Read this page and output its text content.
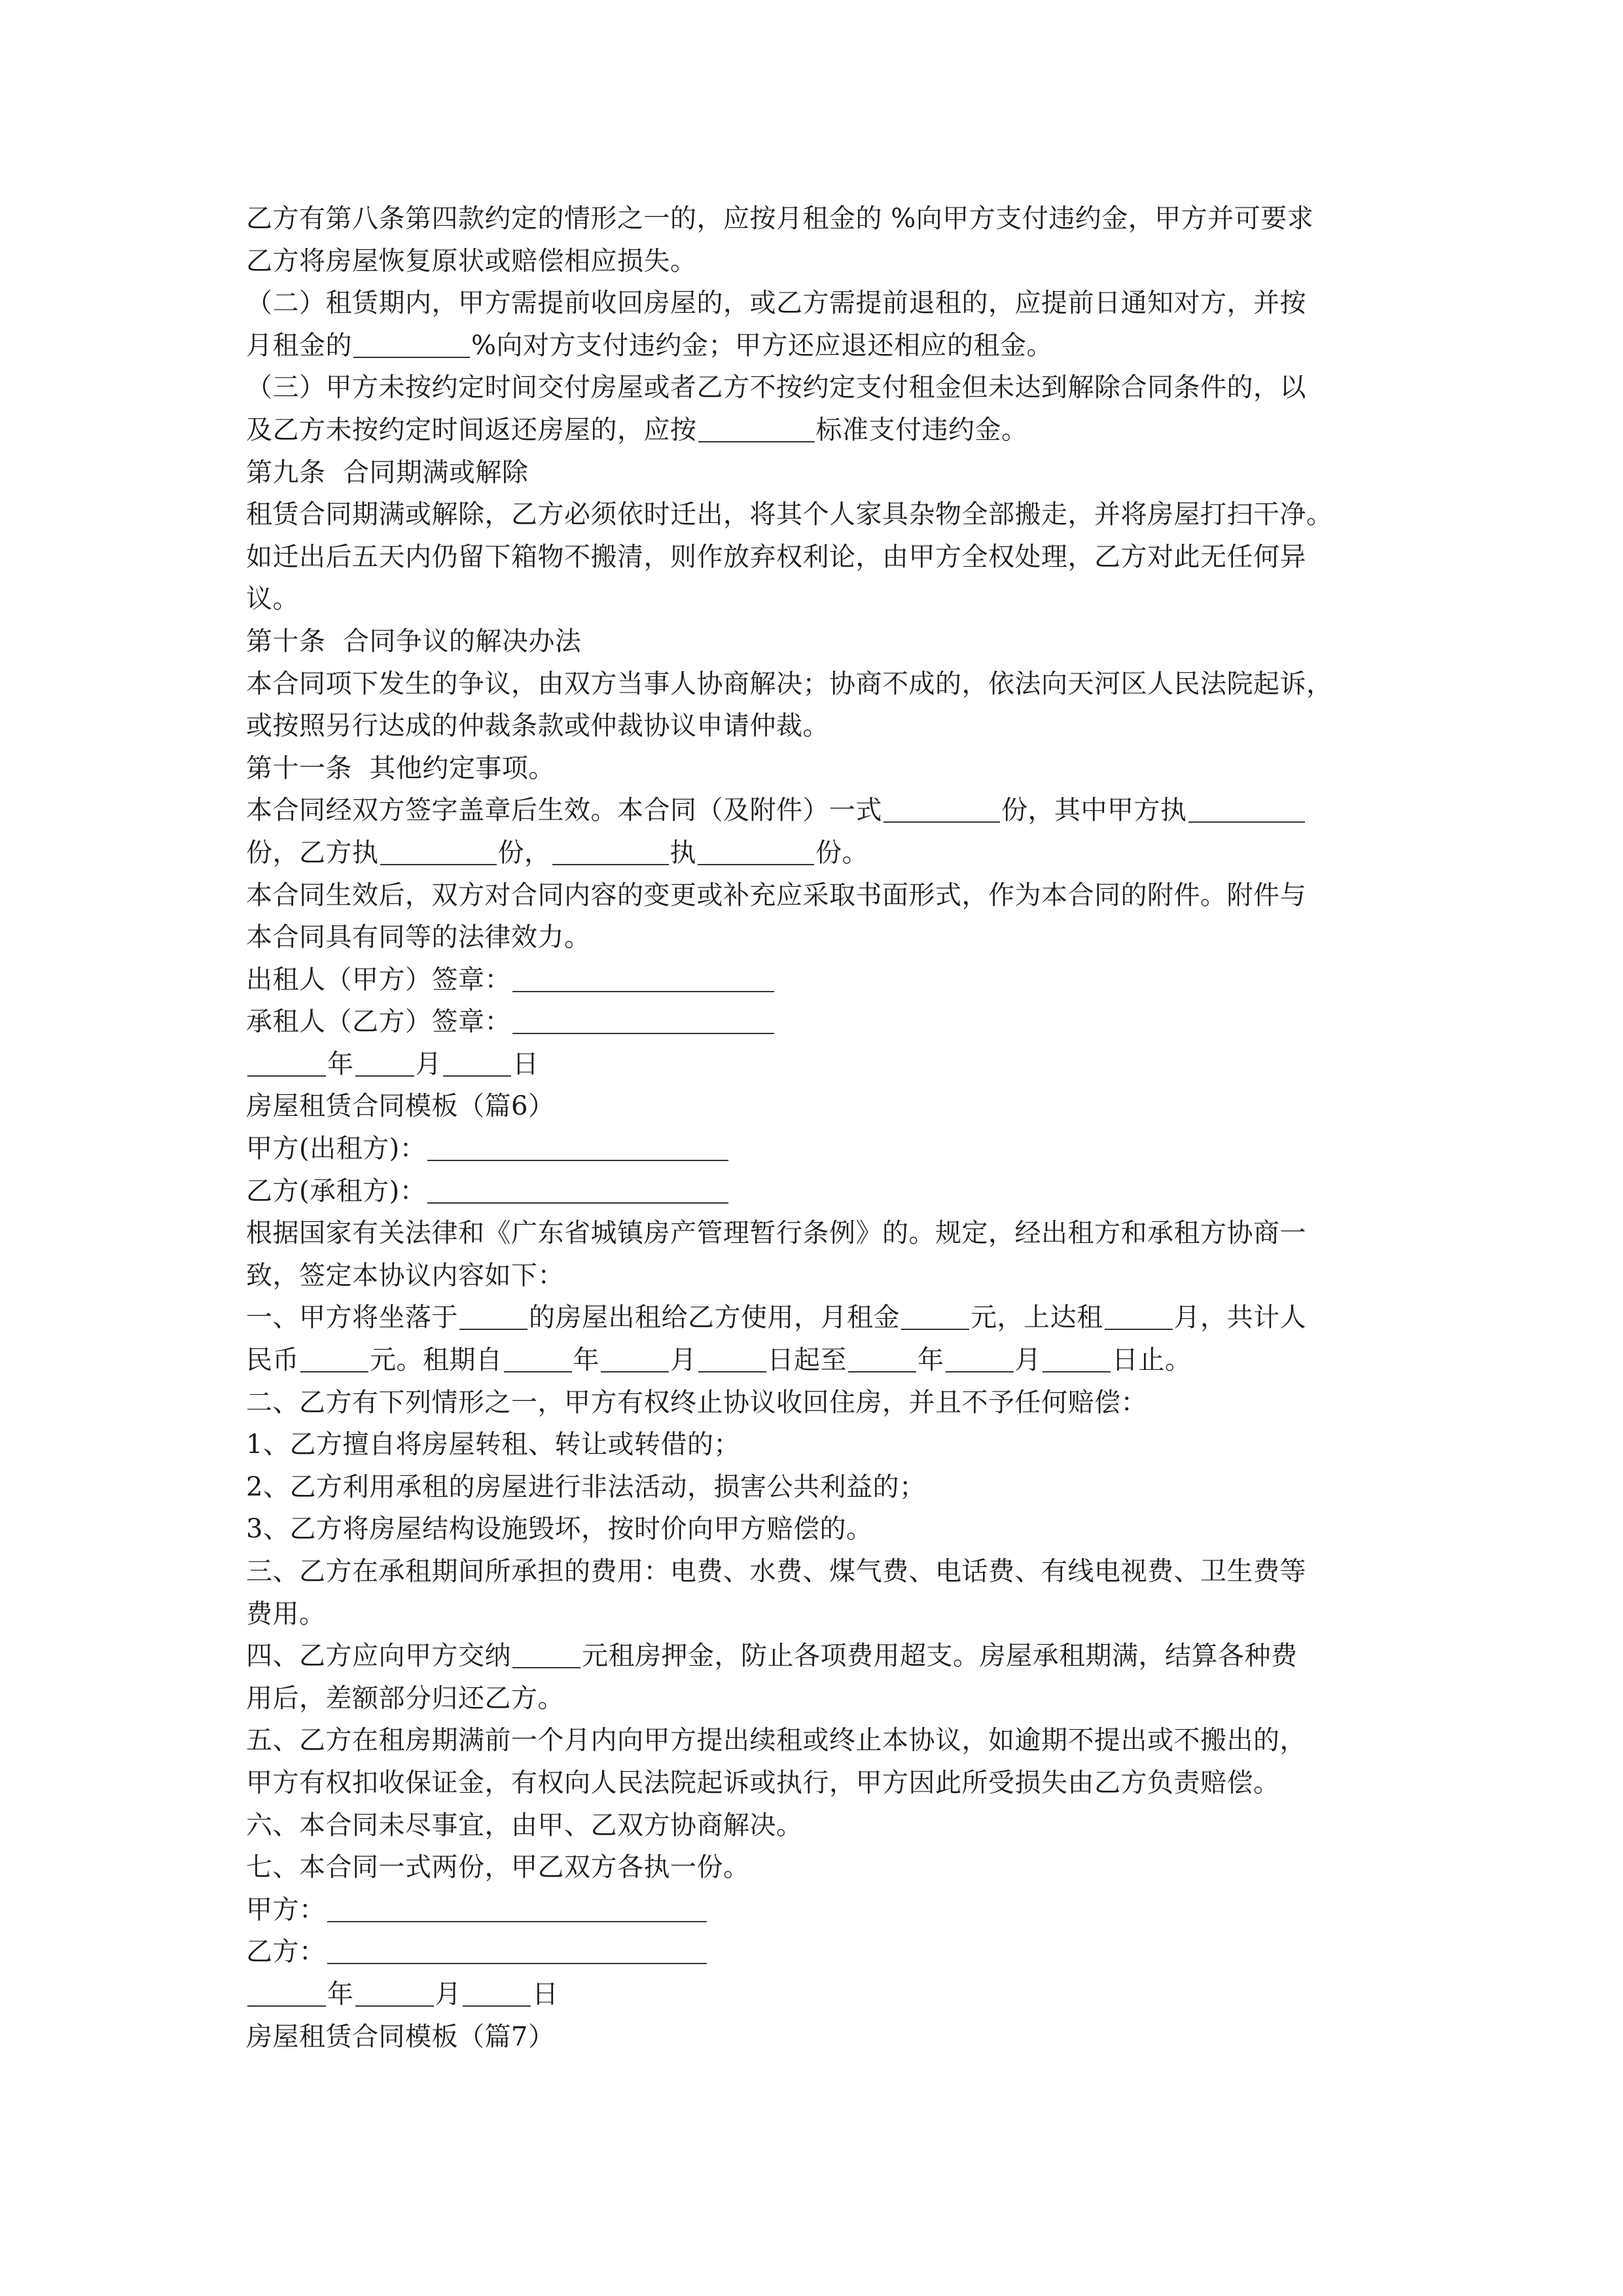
乙方有第八条第四款约定的情形之一的，应按月租金的 %向甲方支付违约金，甲方并可要求
乙方将房屋恢复原状或赔偿相应损失。
（二）租赁期内，甲方需提前收回房屋的，或乙方需提前退租的，应提前日通知对方，并按
月租金的	%向对方支付违约金；甲方还应退还相应的租金。
（三）甲方未按约定时间交付房屋或者乙方不按约定支付租金但未达到解除合同条件的，以
及乙方未按约定时间返还房屋的，应按	标准支付违约金。
第九条  合同期满或解除
租赁合同期满或解除，乙方必须依时迁出，将其个人家具杂物全部搬走，并将房屋打扫干净。
如迁出后五天内仍留下箱物不搬清，则作放弃权利论，由甲方全权处理，乙方对此无任何异
议。
第十条  合同争议的解决办法
本合同项下发生的争议，由双方当事人协商解决；协商不成的，依法向天河区人民法院起诉，
或按照另行达成的仲裁条款或仲裁协议申请仲裁。
第十一条  其他约定事项。
本合同经双方签字盖章后生效。本合同（及附件）一式	份，其中甲方执
份，乙方执	份，	执	份。
本合同生效后，双方对合同内容的变更或补充应采取书面形式，作为本合同的附件。附件与
本合同具有同等的法律效力。
出租人（甲方）签章：
承租人（乙方）签章：
年 月	日
房屋租赁合同模板（篇6）
甲方(出租方)：
乙方(承租方)：
根据国家有关法律和《广东省城镇房产管理暂行条例》的。规定，经出租方和承租方协商一
致，签定本协议内容如下：
一、甲方将坐落于	的房屋出租给乙方使用，月租金	元，上达租	月，共计人
民币	元。租期自	年	月	日起至	年	月	日止。
二、乙方有下列情形之一，甲方有权终止协议收回住房，并且不予任何赔偿：
1、乙方擅自将房屋转租、转让或转借的；
2、乙方利用承租的房屋进行非法活动，损害公共利益的；
3、乙方将房屋结构设施毁坏，按时价向甲方赔偿的。
三、乙方在承租期间所承担的费用：电费、水费、煤气费、电话费、有线电视费、卫生费等
费用。
四、乙方应向甲方交纳	元租房押金，防止各项费用超支。房屋承租期满，结算各种费
用后，差额部分归还乙方。
五、乙方在租房期满前一个月内向甲方提出续租或终止本协议，如逾期不提出或不搬出的，
甲方有权扣收保证金，有权向人民法院起诉或执行，甲方因此所受损失由乙方负责赔偿。
六、本合同未尽事宜，由甲、乙双方协商解决。
七、本合同一式两份，甲乙双方各执一份。
甲方：
乙方：
年	月	日
房屋租赁合同模板（篇7）
